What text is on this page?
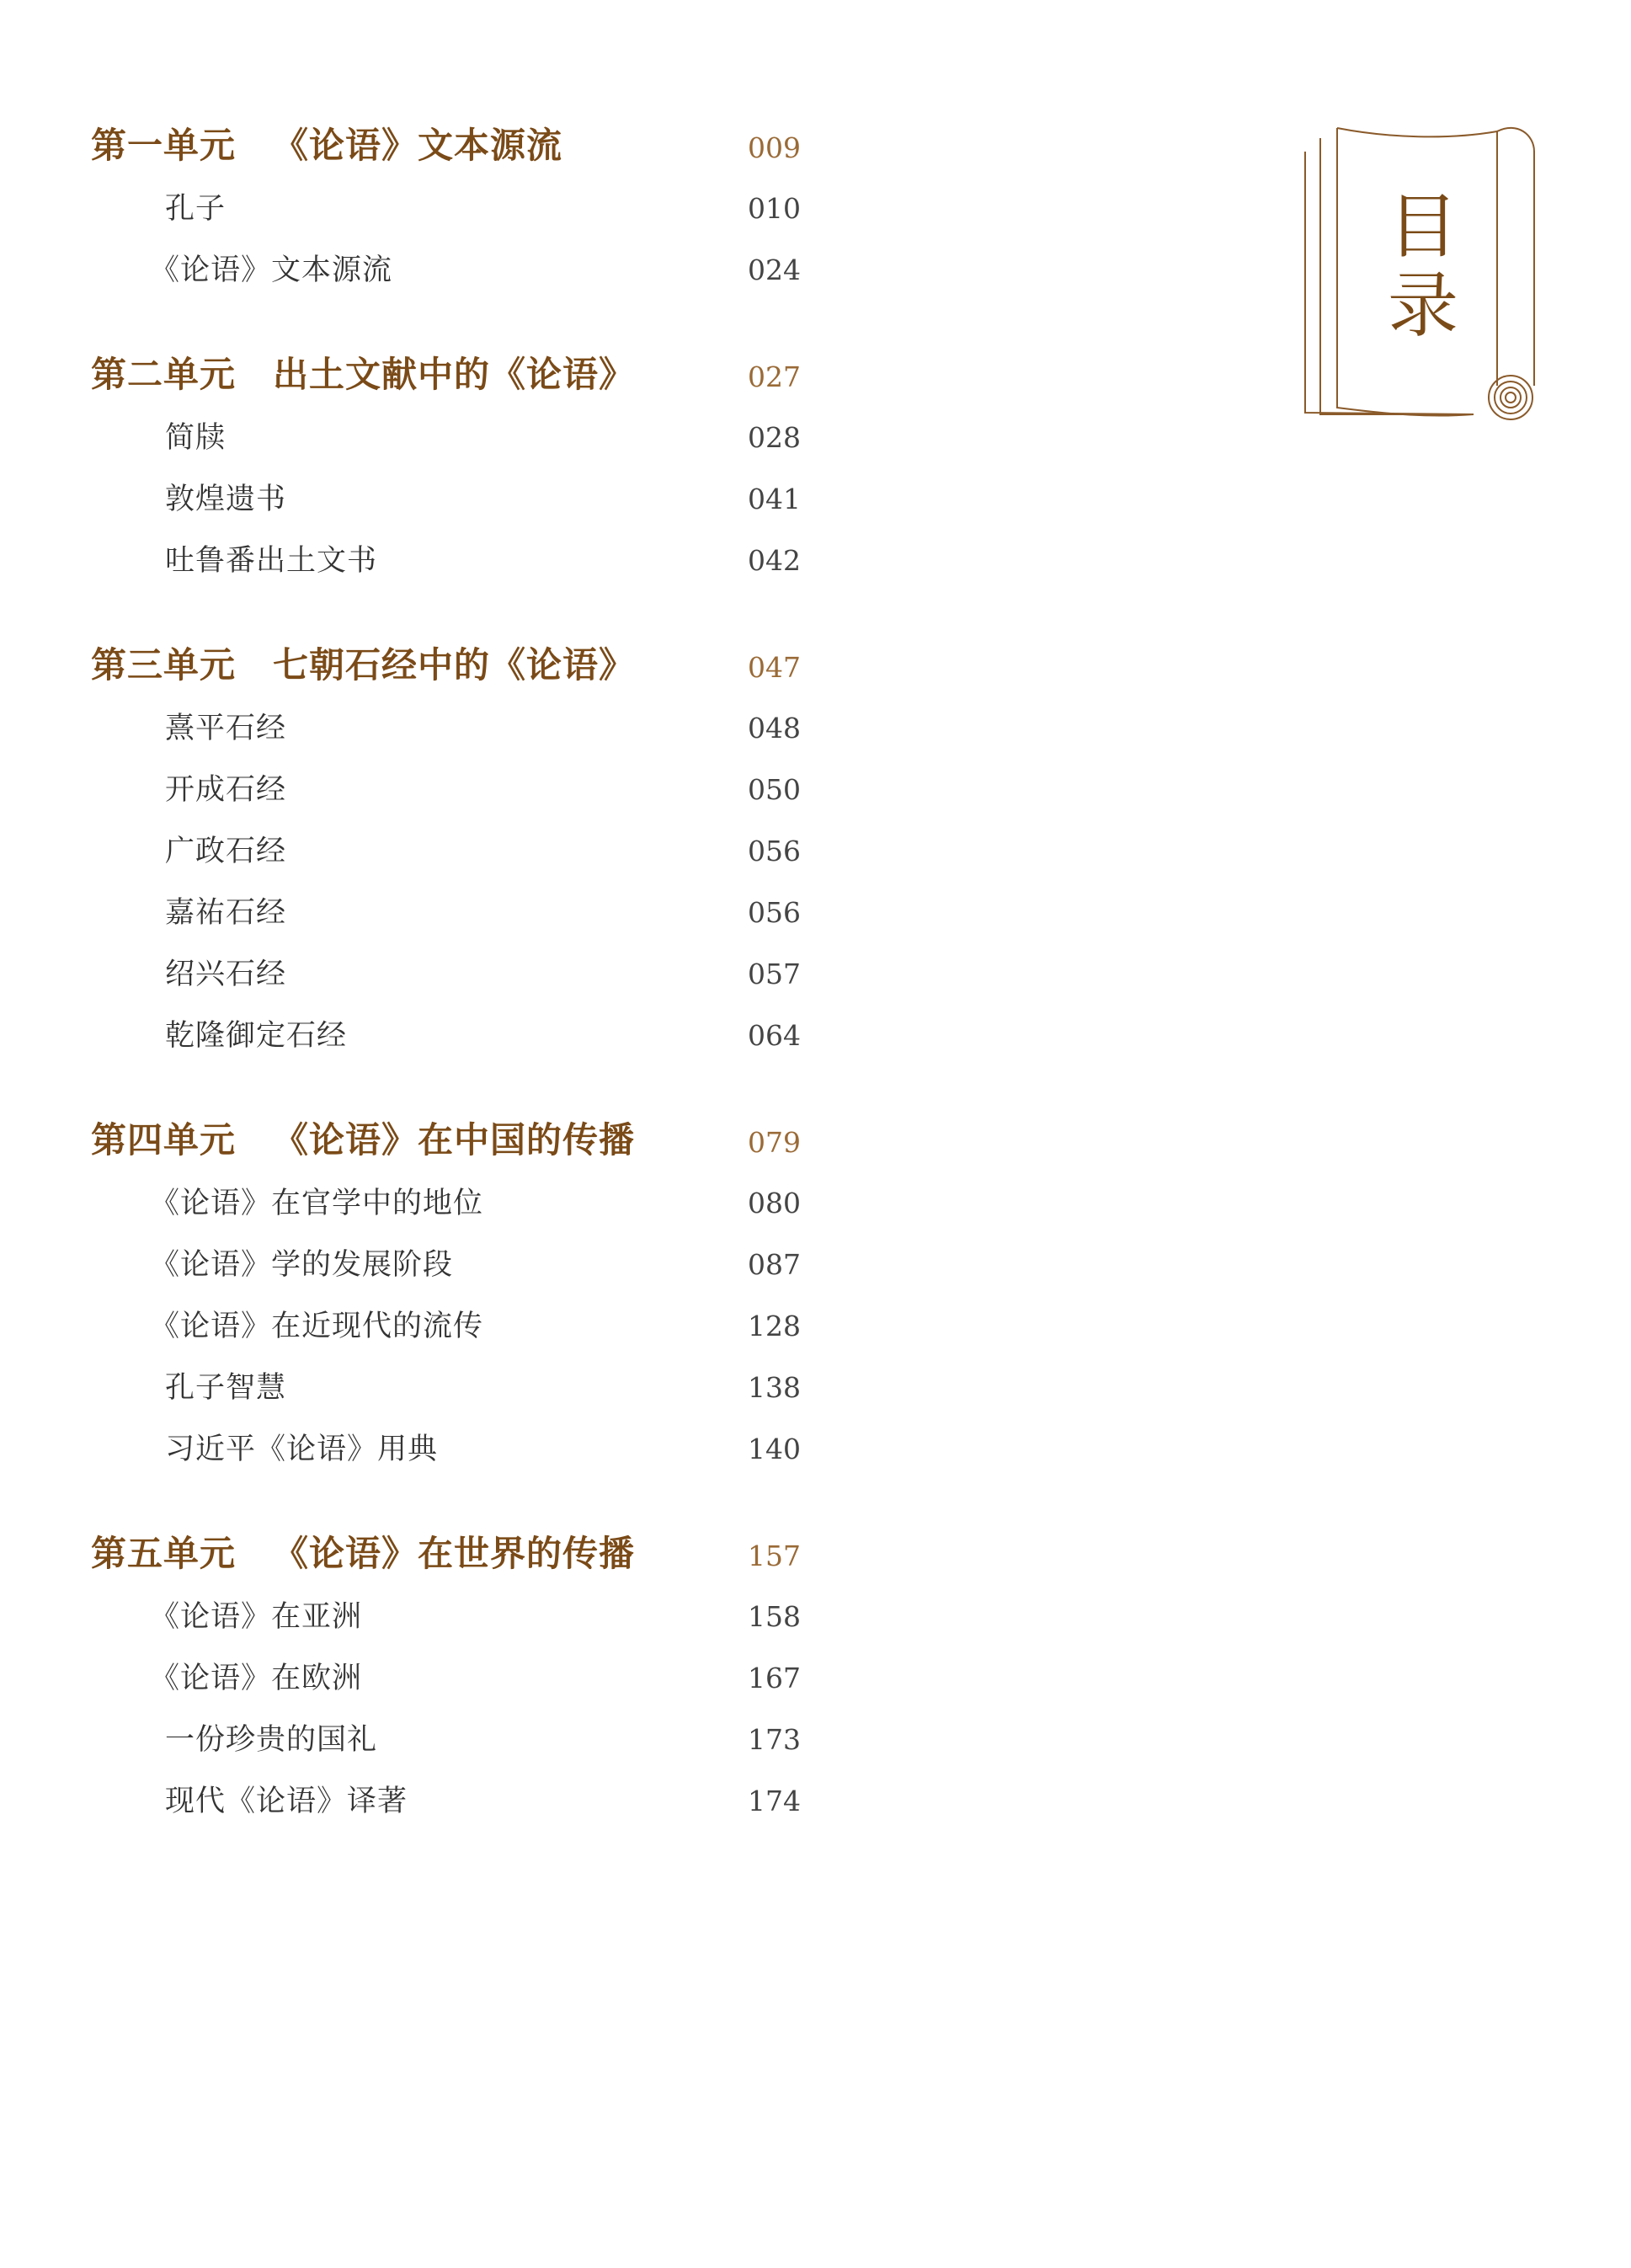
第一单元	《论语》文本源流	009
孔子	010
《论语》文本源流	024
第二单元	出土文献中的《论语》	027
简牍	028
敦煌遗书	041
吐鲁番出土文书	042
第三单元	七朝石经中的《论语》	047
熹平石经	048
开成石经	050
广政石经	056
嘉祐石经	056
绍兴石经	057
乾隆御定石经	064
第四单元	《论语》在中国的传播	079
《论语》在官学中的地位	080
《论语》学的发展阶段	087
《论语》在近现代的流传	128
孔子智慧	138
习近平《论语》用典	140
第五单元	《论语》在世界的传播	157
《论语》在亚洲	158
《论语》在欧洲	167
一份珍贵的国礼	173
现代《论语》译著	174
目
录
